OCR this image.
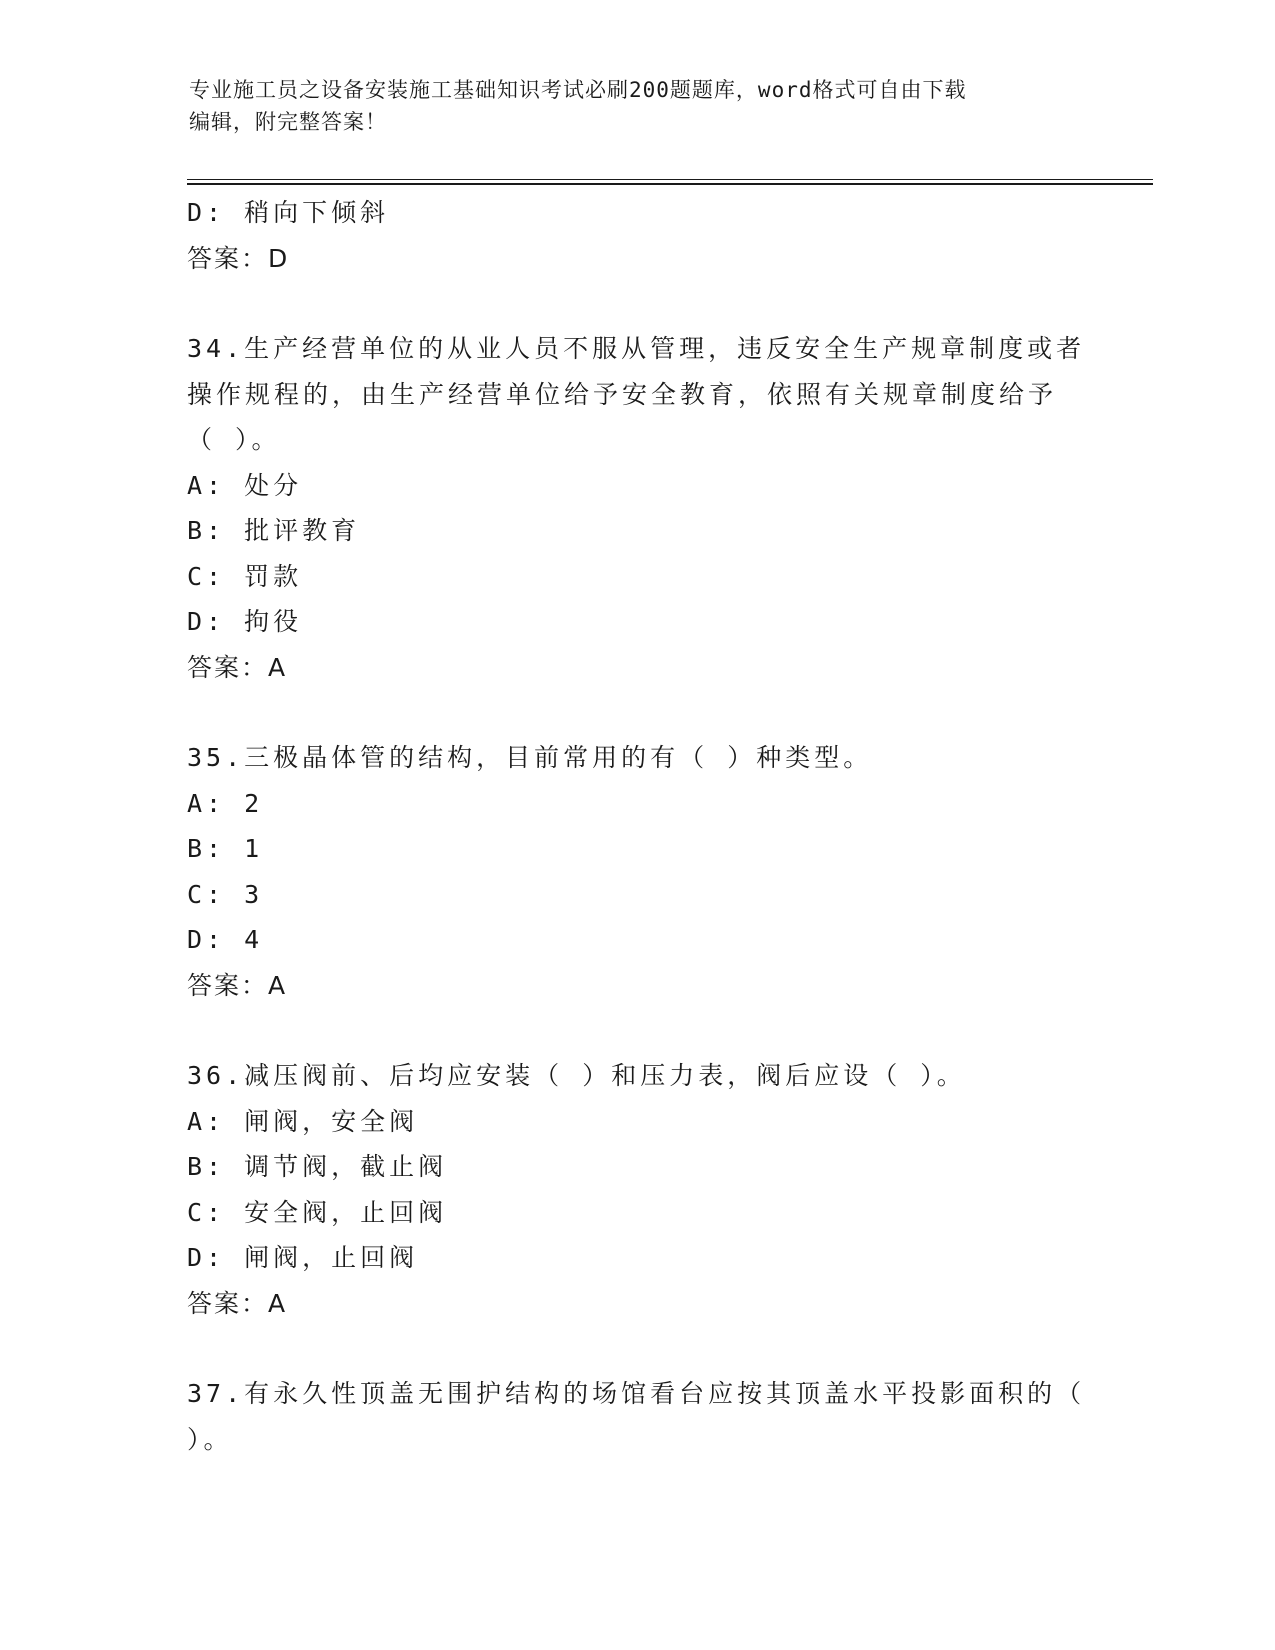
专业施工员之设备安装施工基础知识考试必刷200题题库，word格式可自由下载
编辑，附完整答案！
D: 稍向下倾斜
答案：D
34.生产经营单位的从业人员不服从管理，违反安全生产规章制度或者
操作规程的，由生产经营单位给予安全教育，依照有关规章制度给予
（ ）。
A: 处分
B: 批评教育
C: 罚款
D: 拘役
答案：A
35.三极晶体管的结构，目前常用的有（ ）种类型。
A: 2
B: 1
C: 3
D: 4
答案：A
36.减压阀前、后均应安装（ ）和压力表，阀后应设（ ）。
A: 闸阀，安全阀
B: 调节阀，截止阀
C: 安全阀，止回阀
D: 闸阀，止回阀
答案：A
37.有永久性顶盖无围护结构的场馆看台应按其顶盖水平投影面积的（
）。
